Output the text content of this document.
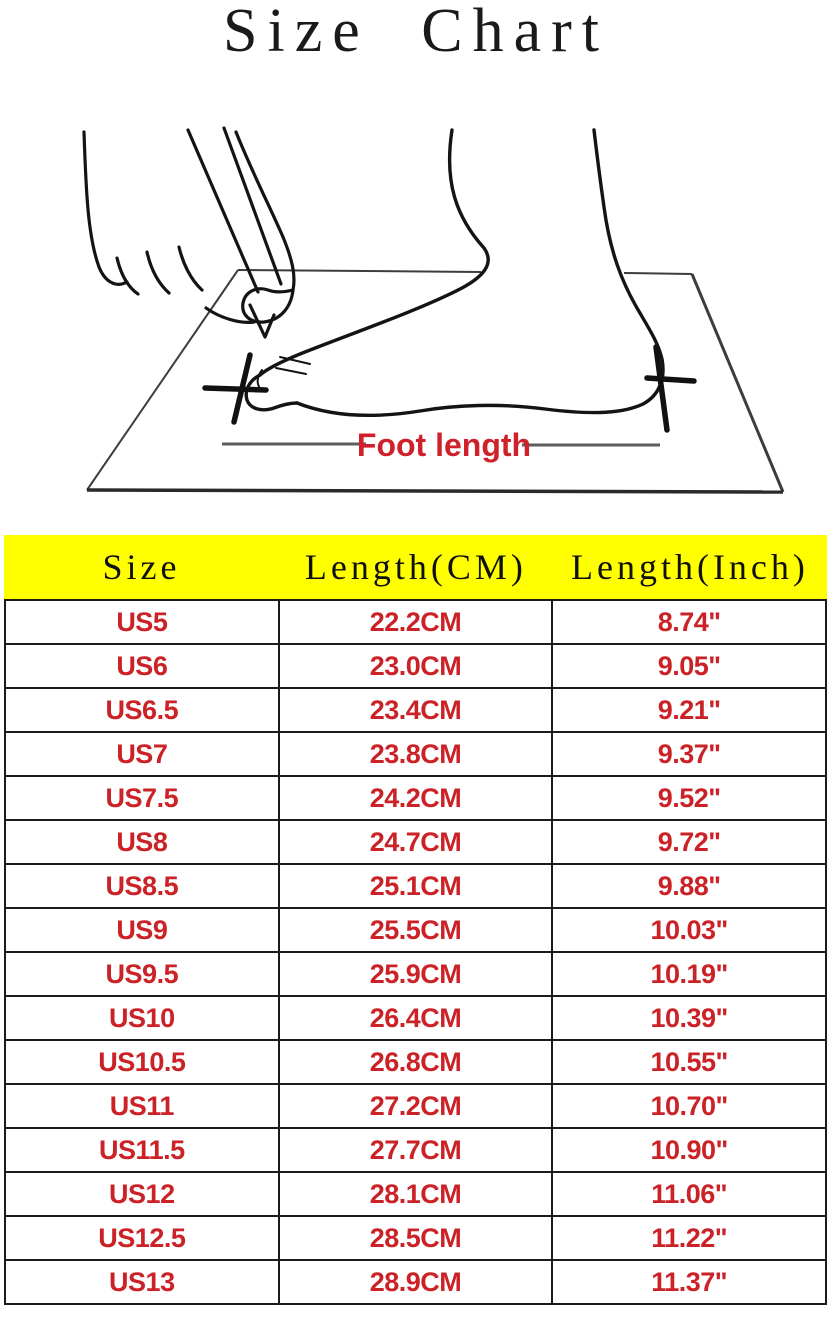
Size Chart
Foot length
Size	Length(CM)	Length(Inch)
US5	22.2CM	8.74"
US6	23.0CM	9.05"
US6.5	23.4CM	9.21"
US7	23.8CM	9.37"
US7.5	24.2CM	9.52"
US8	24.7CM	9.72"
US8.5	25.1CM	9.88"
US9	25.5CM	10.03"
US9.5	25.9CM	10.19"
US10	26.4CM	10.39"
US10.5	26.8CM	10.55"
US11	27.2CM	10.70"
US11.5	27.7CM	10.90"
US12	28.1CM	11.06"
US12.5	28.5CM	11.22"
US13	28.9CM	11.37"
